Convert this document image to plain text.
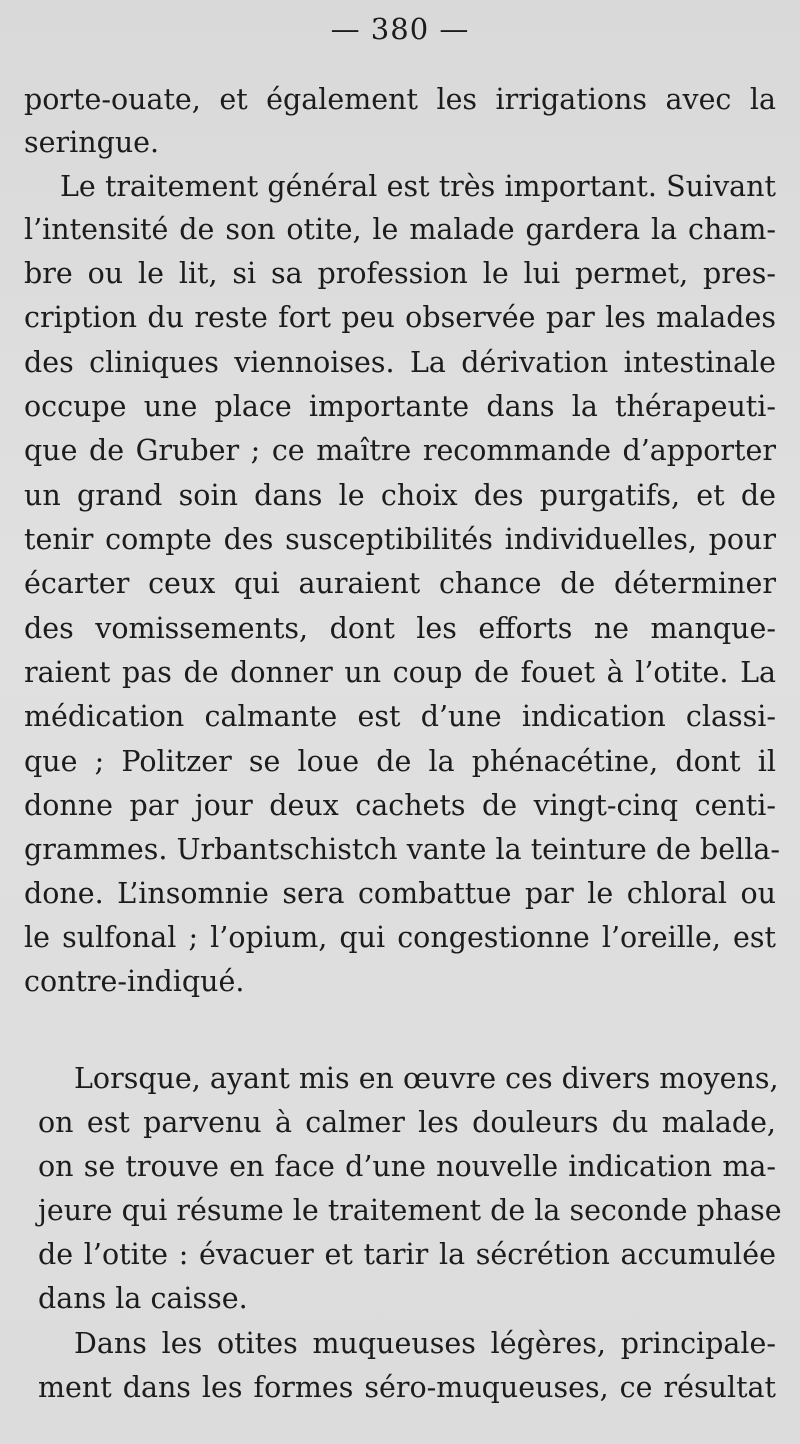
— 380 —
porte-ouate, et également les irrigations avec la
seringue.
Le traitement général est très important. Suivant
l’intensité de son otite, le malade gardera la cham-
bre ou le lit, si sa profession le lui permet, pres-
cription du reste fort peu observée par les malades
des cliniques viennoises. La dérivation intestinale
occupe une place importante dans la thérapeuti-
que de Gruber ; ce maître recommande d’apporter
un grand soin dans le choix des purgatifs, et de
tenir compte des susceptibilités individuelles, pour
écarter ceux qui auraient chance de déterminer
des vomissements, dont les efforts ne manque-
raient pas de donner un coup de fouet à l’otite. La
médication calmante est d’une indication classi-
que ; Politzer se loue de la phénacétine, dont il
donne par jour deux cachets de vingt-cinq centi-
grammes. Urbantschistch vante la teinture de bella-
done. L’insomnie sera combattue par le chloral ou
le sulfonal ; l’opium, qui congestionne l’oreille, est
contre-indiqué.
Lorsque, ayant mis en œuvre ces divers moyens,
on est parvenu à calmer les douleurs du malade,
on se trouve en face d’une nouvelle indication ma-
jeure qui résume le traitement de la seconde phase
de l’otite : évacuer et tarir la sécrétion accumulée
dans la caisse.
Dans les otites muqueuses légères, principale-
ment dans les formes séro-muqueuses, ce résultat
